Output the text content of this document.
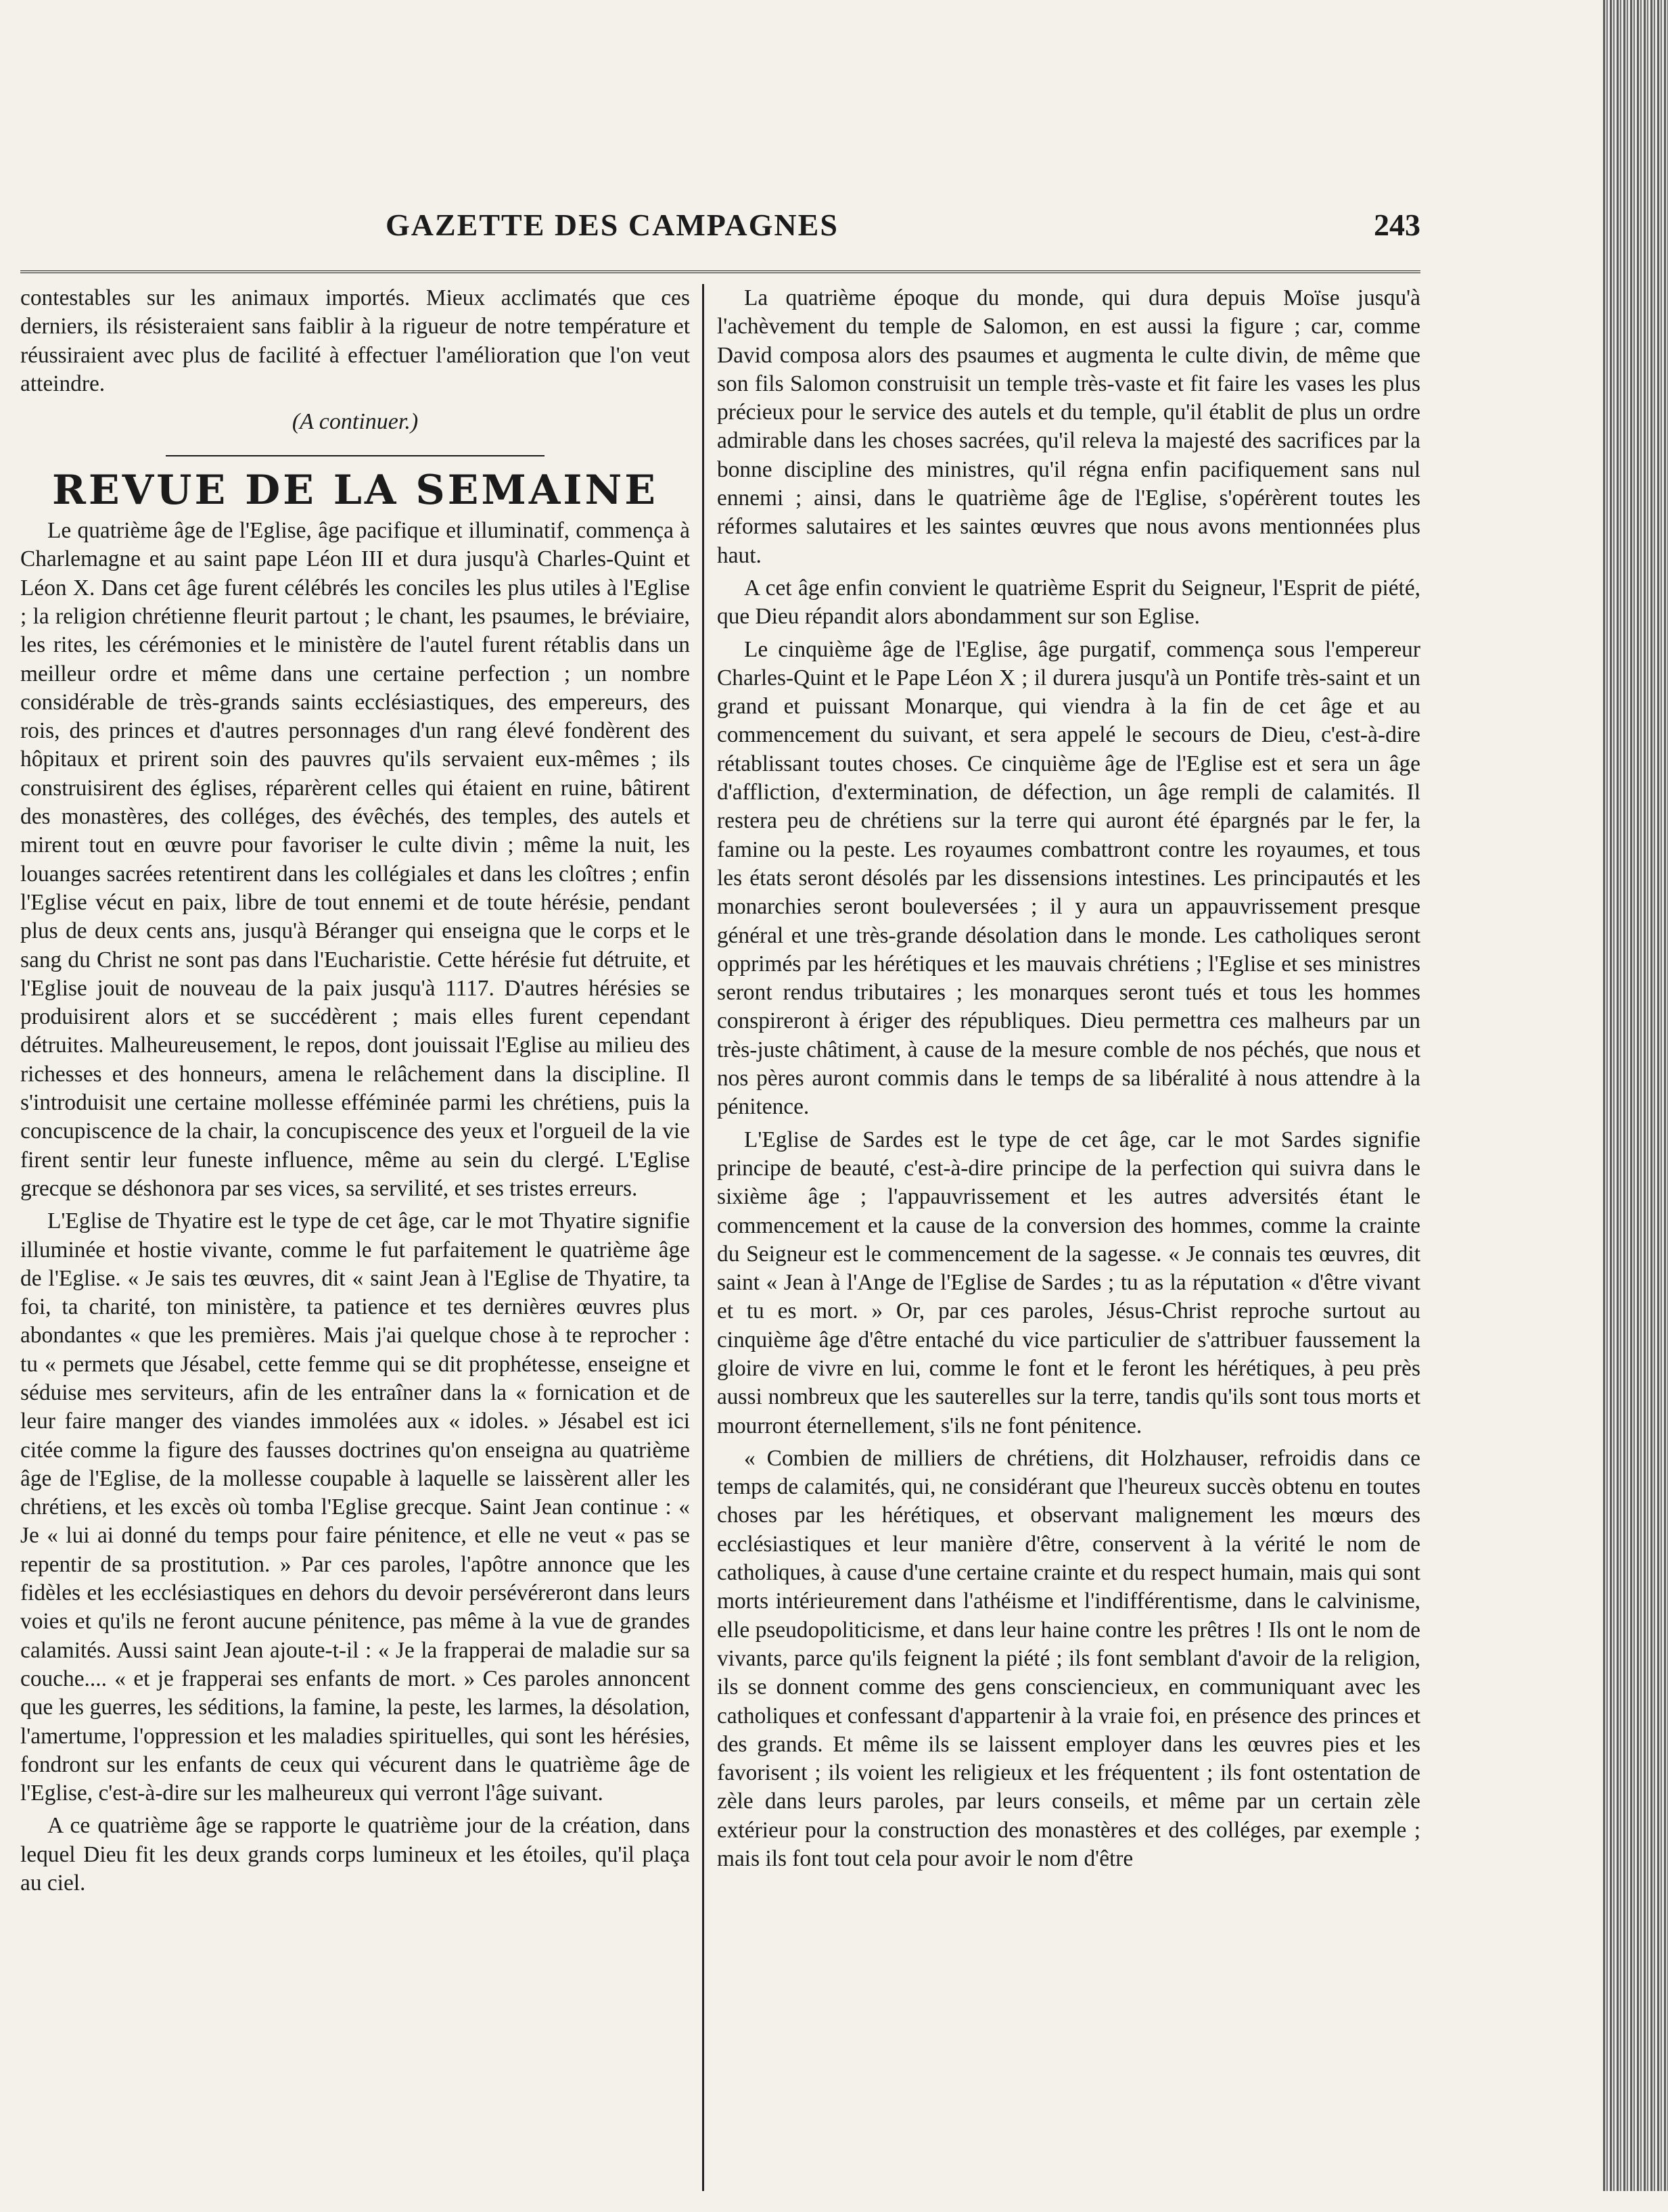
GAZETTE DES CAMPAGNES	243

contestables sur les animaux importés. Mieux acclimatés que ces derniers, ils résisteraient sans faiblir à la rigueur de notre température et réussiraient avec plus de facilité à effectuer l'amélioration que l'on veut atteindre.

(A continuer.)
REVUE DE LA SEMAINE

Le quatrième âge de l'Eglise, âge pacifique et illuminatif, commença à Charlemagne et au saint pape Léon III et dura jusqu'à Charles-Quint et Léon X. Dans cet âge furent célébrés les conciles les plus utiles à l'Eglise ; la religion chrétienne fleurit partout ; le chant, les psaumes, le bréviaire, les rites, les cérémonies et le ministère de l'autel furent rétablis dans un meilleur ordre et même dans une certaine perfection ; un nombre considérable de très-grands saints ecclésiastiques, des empereurs, des rois, des princes et d'autres personnages d'un rang élevé fondèrent des hôpitaux et prirent soin des pauvres qu'ils servaient eux-mêmes ; ils construisirent des églises, réparèrent celles qui étaient en ruine, bâtirent des monastères, des colléges, des évêchés, des temples, des autels et mirent tout en œuvre pour favoriser le culte divin ; même la nuit, les louanges sacrées retentirent dans les collégiales et dans les cloîtres ; enfin l'Eglise vécut en paix, libre de tout ennemi et de toute hérésie, pendant plus de deux cents ans, jusqu'à Béranger qui enseigna que le corps et le sang du Christ ne sont pas dans l'Eucharistie. Cette hérésie fut détruite, et l'Eglise jouit de nouveau de la paix jusqu'à 1117. D'autres hérésies se produisirent alors et se succédèrent ; mais elles furent cependant détruites. Malheureusement, le repos, dont jouissait l'Eglise au milieu des richesses et des honneurs, amena le relâchement dans la discipline. Il s'introduisit une certaine mollesse efféminée parmi les chrétiens, puis la concupiscence de la chair, la concupiscence des yeux et l'orgueil de la vie firent sentir leur funeste influence, même au sein du clergé. L'Eglise grecque se déshonora par ses vices, sa servilité, et ses tristes erreurs.

L'Eglise de Thyatire est le type de cet âge, car le mot Thyatire signifie illuminée et hostie vivante, comme le fut parfaitement le quatrième âge de l'Eglise. « Je sais tes œuvres, dit « saint Jean à l'Eglise de Thyatire, ta foi, ta charité, ton ministère, ta patience et tes dernières œuvres plus abondantes « que les premières. Mais j'ai quelque chose à te reprocher : tu « permets que Jésabel, cette femme qui se dit prophétesse, enseigne et séduise mes serviteurs, afin de les entraîner dans la « fornication et de leur faire manger des viandes immolées aux « idoles. » Jésabel est ici citée comme la figure des fausses doctrines qu'on enseigna au quatrième âge de l'Eglise, de la mollesse coupable à laquelle se laissèrent aller les chrétiens, et les excès où tomba l'Eglise grecque. Saint Jean continue : « Je « lui ai donné du temps pour faire pénitence, et elle ne veut « pas se repentir de sa prostitution. » Par ces paroles, l'apôtre annonce que les fidèles et les ecclésiastiques en dehors du devoir persévéreront dans leurs voies et qu'ils ne feront aucune pénitence, pas même à la vue de grandes calamités. Aussi saint Jean ajoute-t-il : « Je la frapperai de maladie sur sa couche.... « et je frapperai ses enfants de mort. » Ces paroles annoncent que les guerres, les séditions, la famine, la peste, les larmes, la désolation, l'amertume, l'oppression et les maladies spirituelles, qui sont les hérésies, fondront sur les enfants de ceux qui vécurent dans le quatrième âge de l'Eglise, c'est-à-dire sur les malheureux qui verront l'âge suivant.

A ce quatrième âge se rapporte le quatrième jour de la création, dans lequel Dieu fit les deux grands corps lumineux et les étoiles, qu'il plaça au ciel.

La quatrième époque du monde, qui dura depuis Moïse jusqu'à l'achèvement du temple de Salomon, en est aussi la figure ; car, comme David composa alors des psaumes et augmenta le culte divin, de même que son fils Salomon construisit un temple très-vaste et fit faire les vases les plus précieux pour le service des autels et du temple, qu'il établit de plus un ordre admirable dans les choses sacrées, qu'il releva la majesté des sacrifices par la bonne discipline des ministres, qu'il régna enfin pacifiquement sans nul ennemi ; ainsi, dans le quatrième âge de l'Eglise, s'opérèrent toutes les réformes salutaires et les saintes œuvres que nous avons mentionnées plus haut.

A cet âge enfin convient le quatrième Esprit du Seigneur, l'Esprit de piété, que Dieu répandit alors abondamment sur son Eglise.

Le cinquième âge de l'Eglise, âge purgatif, commença sous l'empereur Charles-Quint et le Pape Léon X ; il durera jusqu'à un Pontife très-saint et un grand et puissant Monarque, qui viendra à la fin de cet âge et au commencement du suivant, et sera appelé le secours de Dieu, c'est-à-dire rétablissant toutes choses. Ce cinquième âge de l'Eglise est et sera un âge d'affliction, d'extermination, de défection, un âge rempli de calamités. Il restera peu de chrétiens sur la terre qui auront été épargnés par le fer, la famine ou la peste. Les royaumes combattront contre les royaumes, et tous les états seront désolés par les dissensions intestines. Les principautés et les monarchies seront bouleversées ; il y aura un appauvrissement presque général et une très-grande désolation dans le monde. Les catholiques seront opprimés par les hérétiques et les mauvais chrétiens ; l'Eglise et ses ministres seront rendus tributaires ; les monarques seront tués et tous les hommes conspireront à ériger des républiques. Dieu permettra ces malheurs par un très-juste châtiment, à cause de la mesure comble de nos péchés, que nous et nos pères auront commis dans le temps de sa libéralité à nous attendre à la pénitence.

L'Eglise de Sardes est le type de cet âge, car le mot Sardes signifie principe de beauté, c'est-à-dire principe de la perfection qui suivra dans le sixième âge ; l'appauvrissement et les autres adversités étant le commencement et la cause de la conversion des hommes, comme la crainte du Seigneur est le commencement de la sagesse. « Je connais tes œuvres, dit saint « Jean à l'Ange de l'Eglise de Sardes ; tu as la réputation « d'être vivant et tu es mort. » Or, par ces paroles, Jésus-Christ reproche surtout au cinquième âge d'être entaché du vice particulier de s'attribuer faussement la gloire de vivre en lui, comme le font et le feront les hérétiques, à peu près aussi nombreux que les sauterelles sur la terre, tandis qu'ils sont tous morts et mourront éternellement, s'ils ne font pénitence.

« Combien de milliers de chrétiens, dit Holzhauser, refroidis dans ce temps de calamités, qui, ne considérant que l'heureux succès obtenu en toutes choses par les hérétiques, et observant malignement les mœurs des ecclésiastiques et leur manière d'être, conservent à la vérité le nom de catholiques, à cause d'une certaine crainte et du respect humain, mais qui sont morts intérieurement dans l'athéisme et l'indifférentisme, dans le calvinisme, elle pseudopoliticisme, et dans leur haine contre les prêtres ! Ils ont le nom de vivants, parce qu'ils feignent la piété ; ils font semblant d'avoir de la religion, ils se donnent comme des gens consciencieux, en communiquant avec les catholiques et confessant d'appartenir à la vraie foi, en présence des princes et des grands. Et même ils se laissent employer dans les œuvres pies et les favorisent ; ils voient les religieux et les fréquentent ; ils font ostentation de zèle dans leurs paroles, par leurs conseils, et même par un certain zèle extérieur pour la construction des monastères et des colléges, par exemple ; mais ils font tout cela pour avoir le nom d'être
